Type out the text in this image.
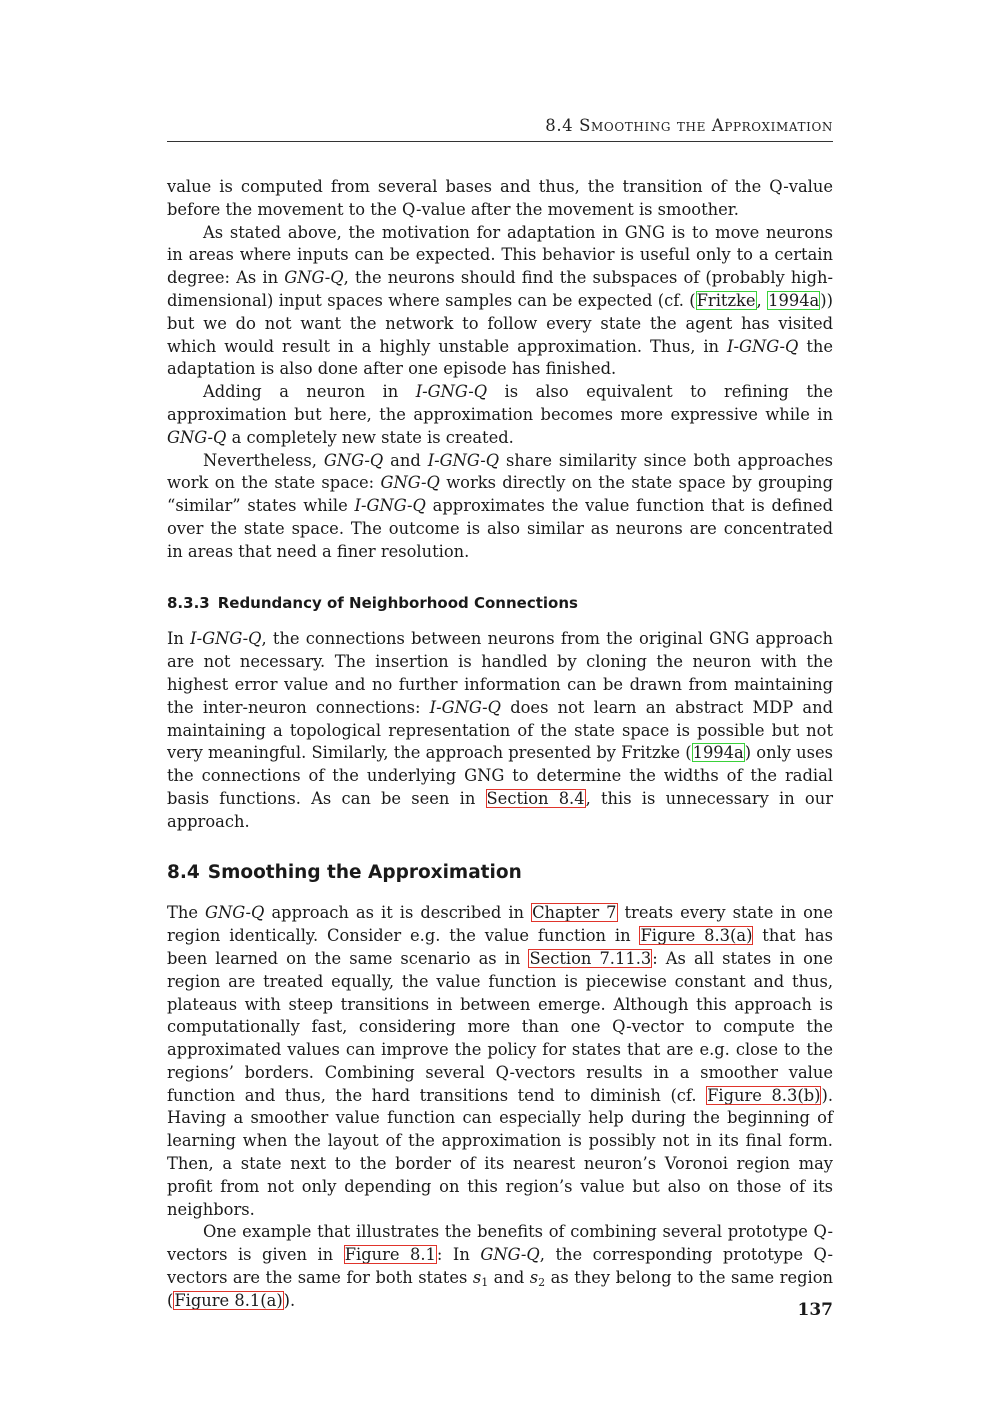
8.4 Smoothing the Approximation

value is computed from several bases and thus, the transition of the Q-value before the movement to the Q-value after the movement is smoother.

As stated above, the motivation for adaptation in GNG is to move neurons in areas where inputs can be expected. This behavior is useful only to a certain degree: As in GNG-Q, the neurons should find the subspaces of (probably high-dimensional) input spaces where samples can be expected (cf. (Fritzke, 1994a)) but we do not want the network to follow every state the agent has visited which would result in a highly unstable approximation. Thus, in I-GNG-Q the adaptation is also done after one episode has finished.

Adding a neuron in I-GNG-Q is also equivalent to refining the approximation but here, the approximation becomes more expressive while in GNG-Q a completely new state is created.

Nevertheless, GNG-Q and I-GNG-Q share similarity since both approaches work on the state space: GNG-Q works directly on the state space by grouping “similar” states while I-GNG-Q approximates the value function that is defined over the state space. The outcome is also similar as neurons are concentrated in areas that need a finer resolution.

8.3.3 Redundancy of Neighborhood Connections

In I-GNG-Q, the connections between neurons from the original GNG approach are not necessary. The insertion is handled by cloning the neuron with the highest error value and no further information can be drawn from maintaining the inter-neuron connections: I-GNG-Q does not learn an abstract MDP and maintaining a topological representation of the state space is possible but not very meaningful. Similarly, the approach presented by Fritzke (1994a) only uses the connections of the underlying GNG to determine the widths of the radial basis functions. As can be seen in Section 8.4, this is unnecessary in our approach.

8.4 Smoothing the Approximation

The GNG-Q approach as it is described in Chapter 7 treats every state in one region identically. Consider e.g. the value function in Figure 8.3(a) that has been learned on the same scenario as in Section 7.11.3: As all states in one region are treated equally, the value function is piecewise constant and thus, plateaus with steep transitions in between emerge. Although this approach is computationally fast, considering more than one Q-vector to compute the approximated values can improve the policy for states that are e.g. close to the regions’ borders. Combining several Q-vectors results in a smoother value function and thus, the hard transitions tend to diminish (cf. Figure 8.3(b)). Having a smoother value function can especially help during the beginning of learning when the layout of the approximation is possibly not in its final form. Then, a state next to the border of its nearest neuron’s Voronoi region may profit from not only depending on this region’s value but also on those of its neighbors.

One example that illustrates the benefits of combining several prototype Q-vectors is given in Figure 8.1: In GNG-Q, the corresponding prototype Q-vectors are the same for both states $s_1$ and $s_2$ as they belong to the same region (Figure 8.1(a)).	137
